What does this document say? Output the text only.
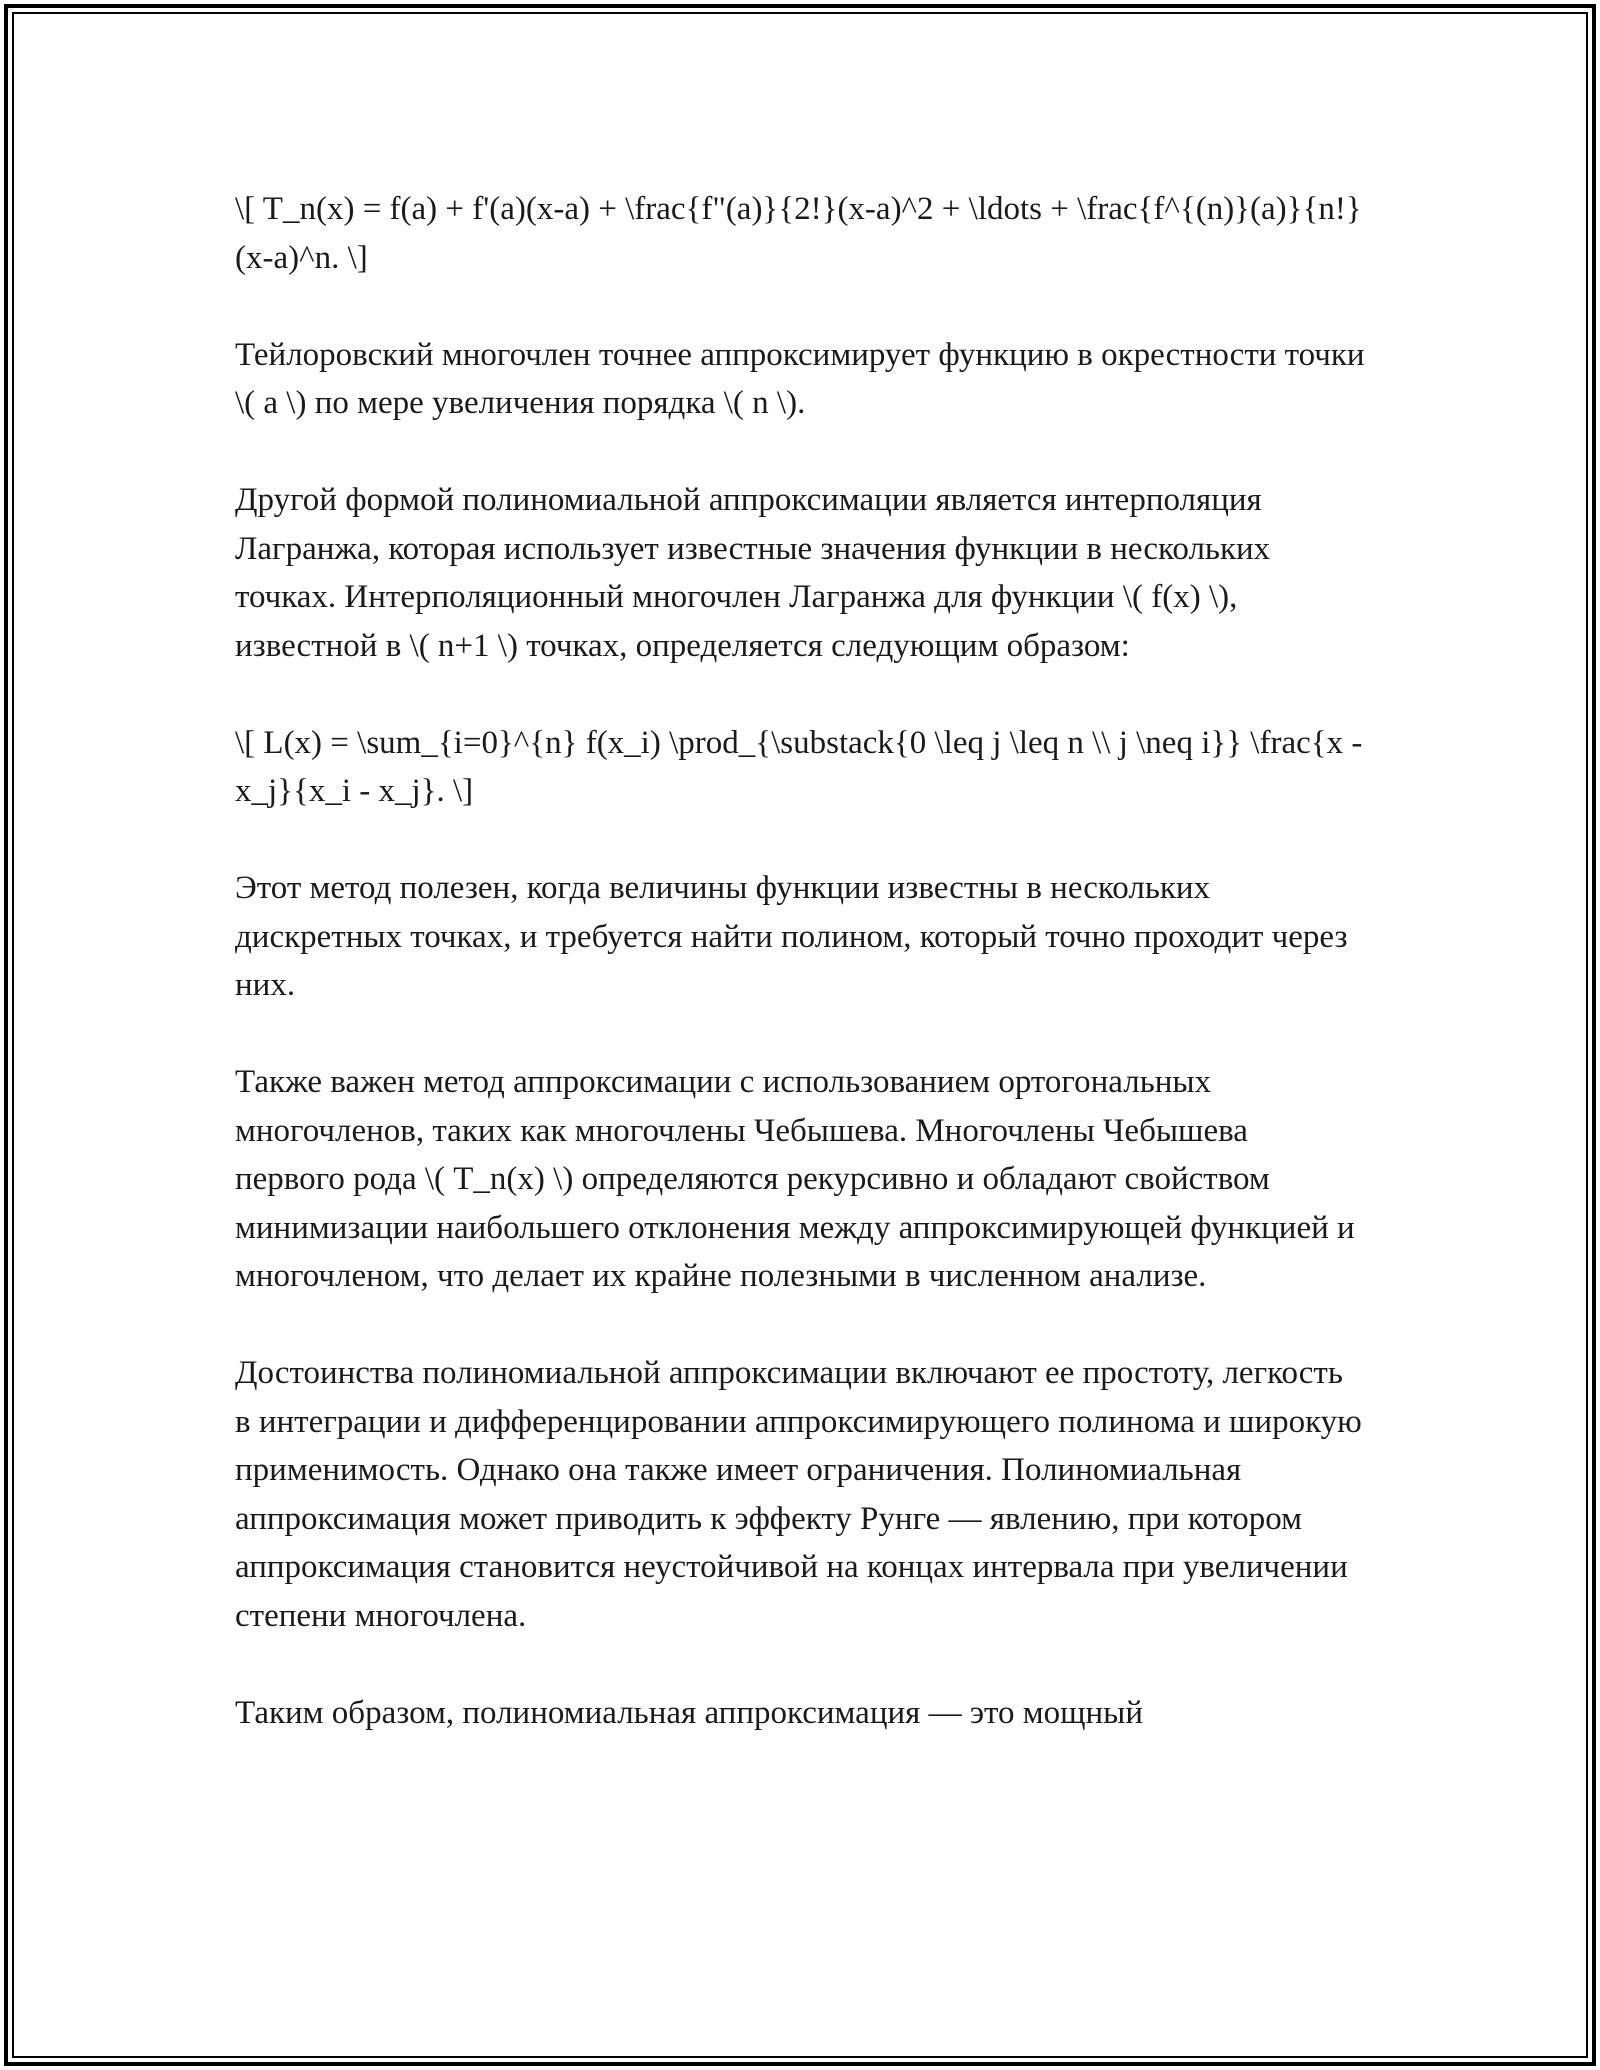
\[ T_n(x) = f(a) + f'(a)(x-a) + \frac{f"(a)}{2!}(x-a)^2 + \ldots + \frac{f^{(n)}(a)}{n!}(x-a)^n. \]

Тейлоровский многочлен точнее аппроксимирует функцию в окрестности точки \( a \) по мере увеличения порядка \( n \).

Другой формой полиномиальной аппроксимации является интерполяция Лагранжа, которая использует известные значения функции в нескольких точках. Интерполяционный многочлен Лагранжа для функции \( f(x) \), известной в \( n+1 \) точках, определяется следующим образом:

\[ L(x) = \sum_{i=0}^{n} f(x_i) \prod_{\substack{0 \leq j \leq n \\ j \neq i}} \frac{x - x_j}{x_i - x_j}. \]

Этот метод полезен, когда величины функции известны в нескольких дискретных точках, и требуется найти полином, который точно проходит через них.

Также важен метод аппроксимации с использованием ортогональных многочленов, таких как многочлены Чебышева. Многочлены Чебышева первого рода \( T_n(x) \) определяются рекурсивно и обладают свойством минимизации наибольшего отклонения между аппроксимирующей функцией и многочленом, что делает их крайне полезными в численном анализе.

Достоинства полиномиальной аппроксимации включают ее простоту, легкость в интеграции и дифференцировании аппроксимирующего полинома и широкую применимость. Однако она также имеет ограничения. Полиномиальная аппроксимация может приводить к эффекту Рунге — явлению, при котором аппроксимация становится неустойчивой на концах интервала при увеличении степени многочлена.

Таким образом, полиномиальная аппроксимация — это мощный
